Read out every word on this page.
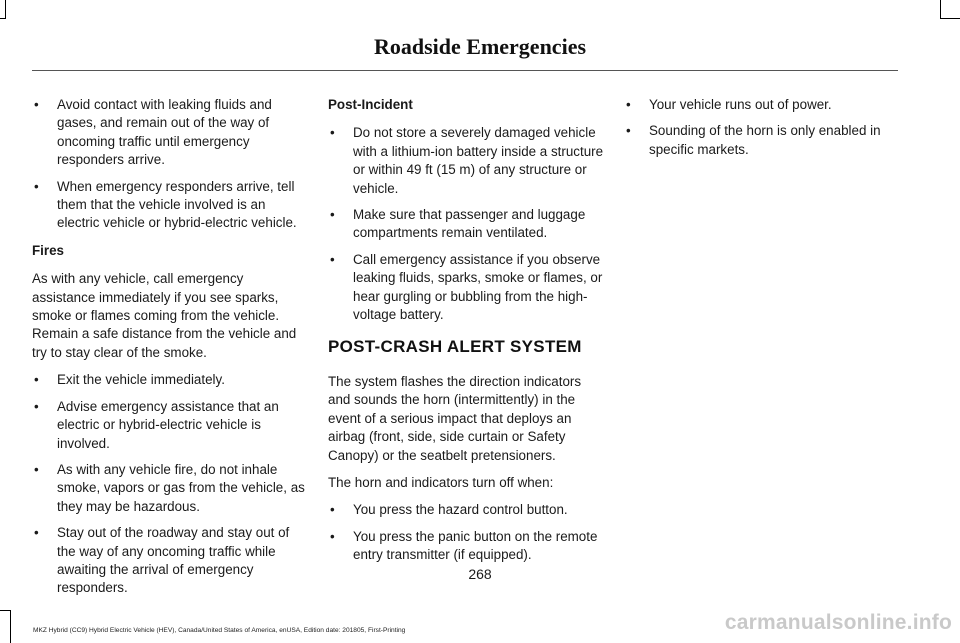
Roadside Emergencies
• Avoid contact with leaking fluids and gases, and remain out of the way of oncoming traffic until emergency responders arrive.
• When emergency responders arrive, tell them that the vehicle involved is an electric vehicle or hybrid-electric vehicle.
Fires

As with any vehicle, call emergency assistance immediately if you see sparks, smoke or flames coming from the vehicle. Remain a safe distance from the vehicle and try to stay clear of the smoke.

• Exit the vehicle immediately.
• Advise emergency assistance that an electric or hybrid-electric vehicle is involved.
• As with any vehicle fire, do not inhale smoke, vapors or gas from the vehicle, as they may be hazardous.
• Stay out of the roadway and stay out of the way of any oncoming traffic while awaiting the arrival of emergency responders.
Post-Incident
• Do not store a severely damaged vehicle with a lithium-ion battery inside a structure or within 49 ft (15 m) of any structure or vehicle.
• Make sure that passenger and luggage compartments remain ventilated.
• Call emergency assistance if you observe leaking fluids, sparks, smoke or flames, or hear gurgling or bubbling from the high-voltage battery.
POST-CRASH ALERT SYSTEM

The system flashes the direction indicators and sounds the horn (intermittently) in the event of a serious impact that deploys an airbag (front, side, side curtain or Safety Canopy) or the seatbelt pretensioners.

The horn and indicators turn off when:

• You press the hazard control button.
• You press the panic button on the remote entry transmitter (if equipped).
• Your vehicle runs out of power.
• Sounding of the horn is only enabled in specific markets.
268
MKZ Hybrid (CC9) Hybrid Electric Vehicle (HEV), Canada/United States of America, enUSA, Edition date: 201805, First-Printing	carmanualsonline.info
